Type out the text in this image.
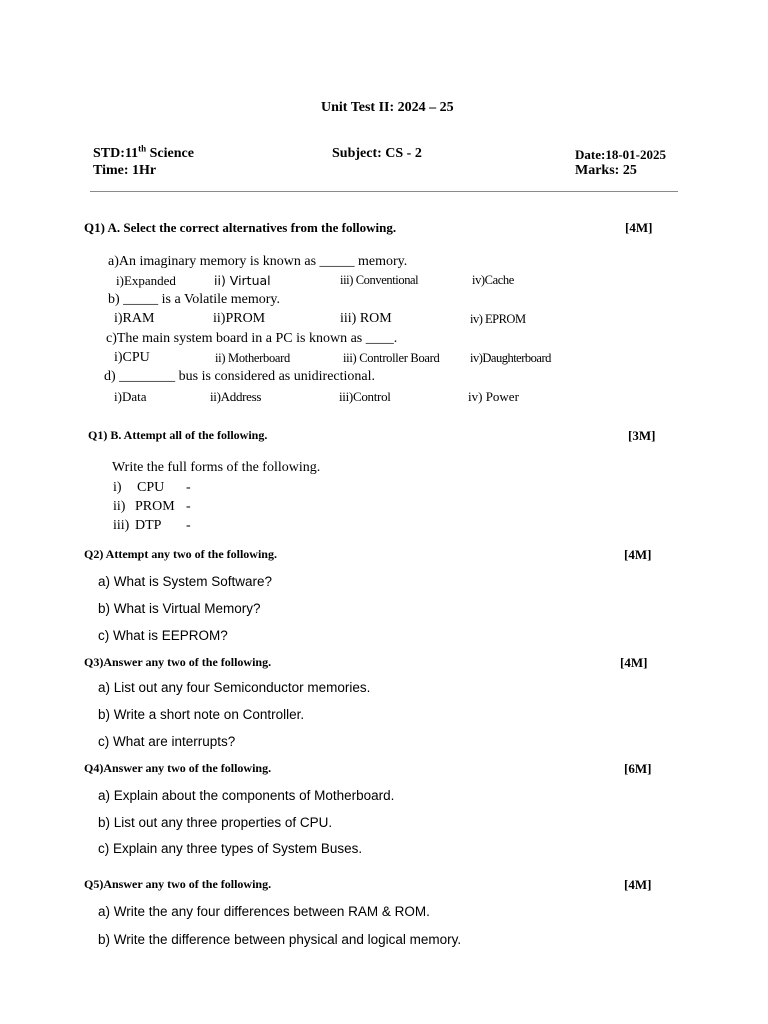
Unit Test II: 2024 – 25
STD:11th Science
Time: 1Hr
Subject: CS - 2	Date:18-01-2025
Marks: 25
Q1) A. Select the correct alternatives from the following.	[4M]
a)An imaginary memory is known as _____ memory.
i)Expanded	ii) Virtual	iii) Conventional	iv)Cache
b) _____ is a Volatile memory.
i)RAM	ii)PROM	iii) ROM	iv) EPROM
c)The main system board in a PC is known as ____.
i)CPU	ii) Motherboard	iii) Controller Board iv)Daughterboard
d) ________ bus is considered as unidirectional.
i)Data	ii)Address	iii)Control	iv) Power
Q1) B. Attempt all of the following.	[3M]
Write the full forms of the following.
i) CPU -
ii) PROM -
iii) DTP -
Q2) Attempt any two of the following.	[4M]
a) What is System Software?
b) What is Virtual Memory?
c) What is EEPROM?
Q3)Answer any two of the following.	[4M]
a) List out any four Semiconductor memories.
b) Write a short note on Controller.
c) What are interrupts?
Q4)Answer any two of the following.	[6M]
a) Explain about the components of Motherboard.
b) List out any three properties of CPU.
c) Explain any three types of System Buses.
Q5)Answer any two of the following.	[4M]
a) Write the any four differences between RAM & ROM.
b) Write the difference between physical and logical memory.
